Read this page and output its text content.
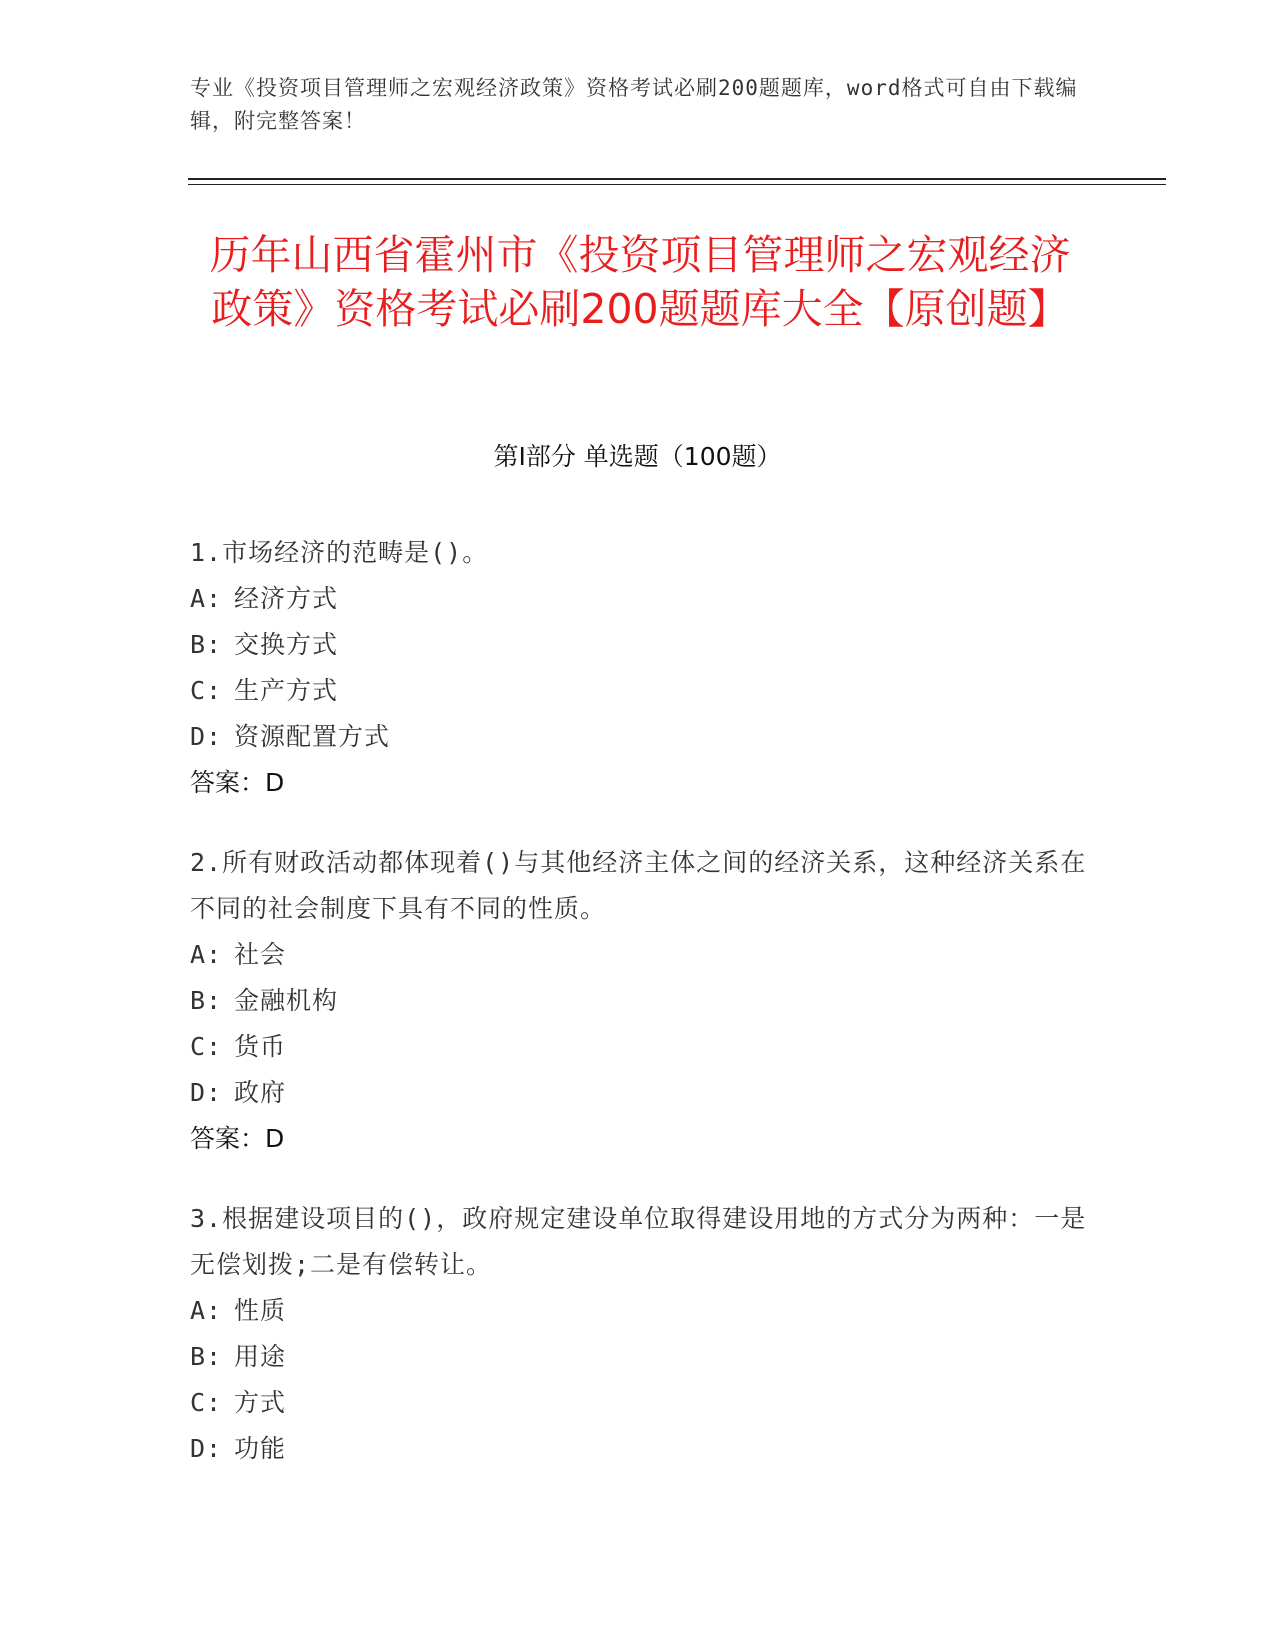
专业《投资项目管理师之宏观经济政策》资格考试必刷200题题库，word格式可自由下载编辑，附完整答案！
历年山西省霍州市《投资项目管理师之宏观经济政策》资格考试必刷200题题库大全【原创题】
第I部分 单选题（100题）
1.市场经济的范畴是()。
A: 经济方式
B: 交换方式
C: 生产方式
D: 资源配置方式
答案：D
2.所有财政活动都体现着()与其他经济主体之间的经济关系，这种经济关系在不同的社会制度下具有不同的性质。
A: 社会
B: 金融机构
C: 货币
D: 政府
答案：D
3.根据建设项目的()，政府规定建设单位取得建设用地的方式分为两种：一是无偿划拨;二是有偿转让。
A: 性质
B: 用途
C: 方式
D: 功能
